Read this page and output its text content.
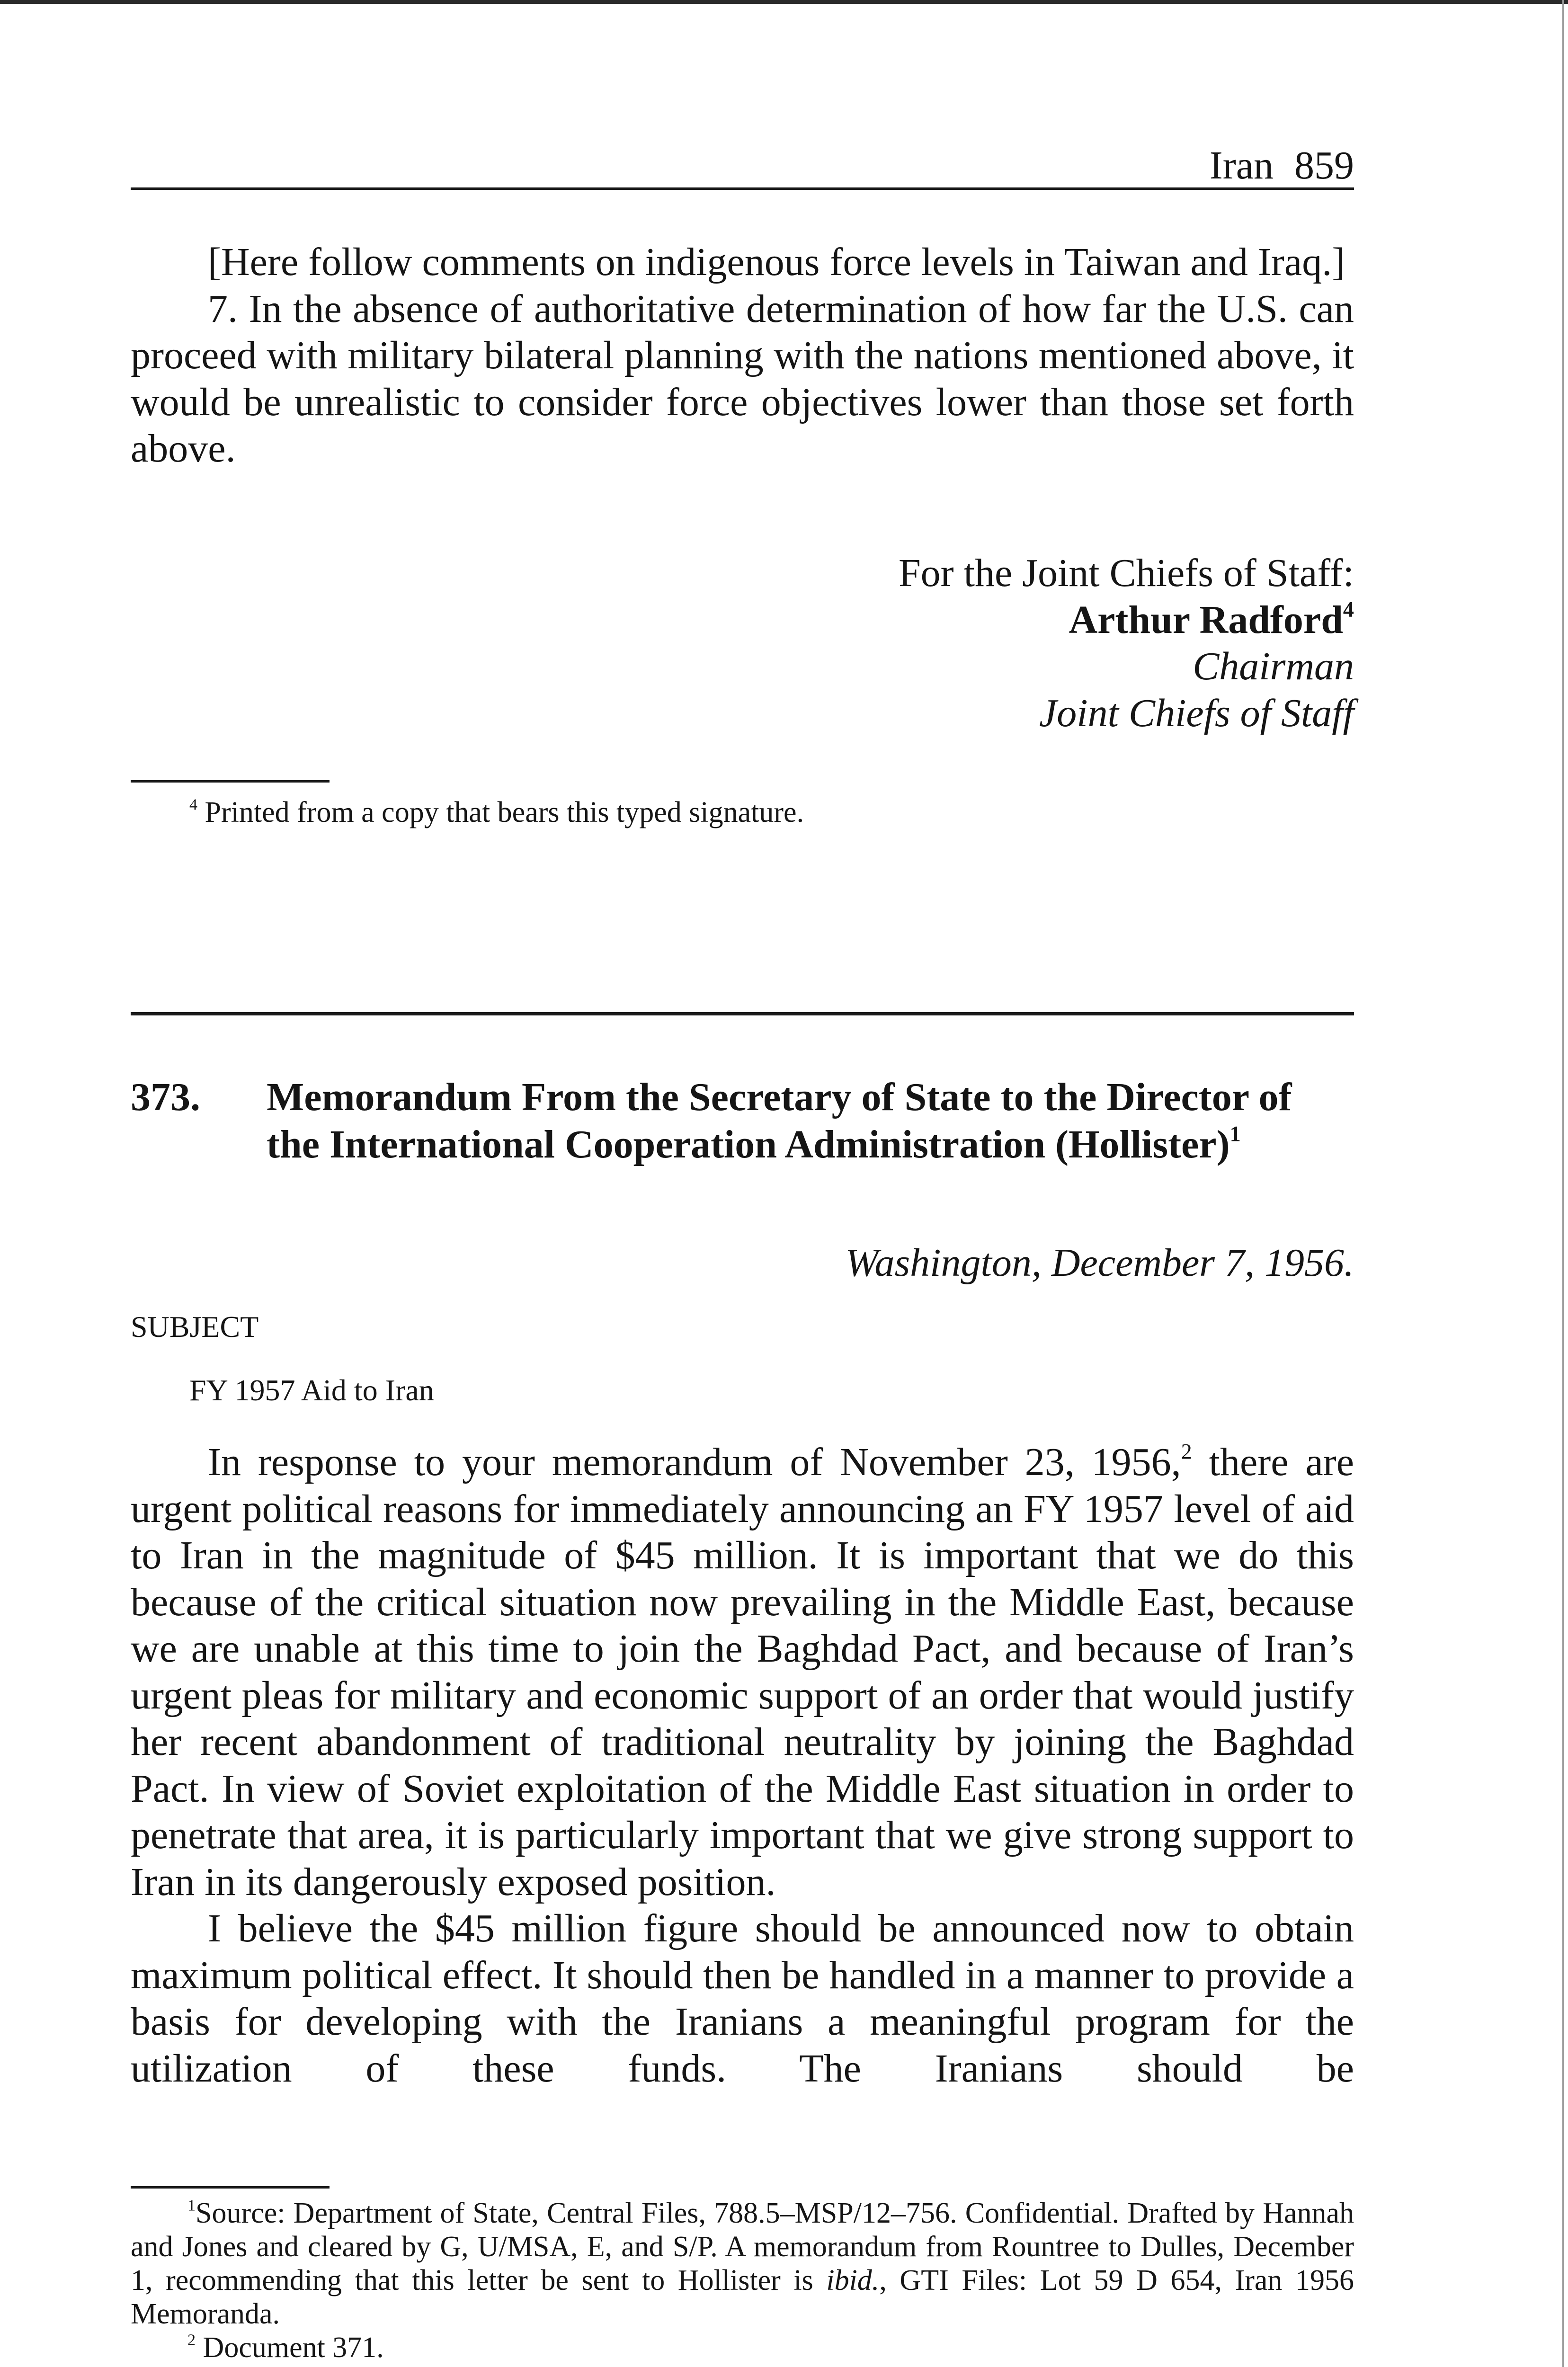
Iran 859

[Here follow comments on indigenous force levels in Taiwan and Iraq.]

7. In the absence of authoritative determination of how far the U.S. can proceed with military bilateral planning with the nations mentioned above, it would be unrealistic to consider force objectives lower than those set forth above.

For the Joint Chiefs of Staff:
Arthur Radford$^4$
Chairman
Joint Chiefs of Staff
$^4$ Printed from a copy that bears this typed signature.
373. Memorandum From the Secretary of State to the Director of the International Cooperation Administration (Hollister)$^1$
Washington, December 7, 1956.
SUBJECT
FY 1957 Aid to Iran

In response to your memorandum of November 23, 1956,$^2$ there are urgent political reasons for immediately announcing an FY 1957 level of aid to Iran in the magnitude of $45 million. It is important that we do this because of the critical situation now prevailing in the Middle East, because we are unable at this time to join the Baghdad Pact, and because of Iran’s urgent pleas for military and economic support of an order that would justify her recent abandonment of traditional neutrality by joining the Baghdad Pact. In view of Soviet exploitation of the Middle East situation in order to penetrate that area, it is particularly important that we give strong support to Iran in its dangerously exposed position.

I believe the $45 million figure should be announced now to obtain maximum political effect. It should then be handled in a manner to provide a basis for developing with the Iranians a meaningful program for the utilization of these funds. The Iranians should be

$^1$Source: Department of State, Central Files, 788.5–MSP/12–756. Confidential. Drafted by Hannah and Jones and cleared by G, U/MSA, E, and S/P. A memorandum from Rountree to Dulles, December 1, recommending that this letter be sent to Hollister is ibid., GTI Files: Lot 59 D 654, Iran 1956 Memoranda.

$^2$ Document 371.
